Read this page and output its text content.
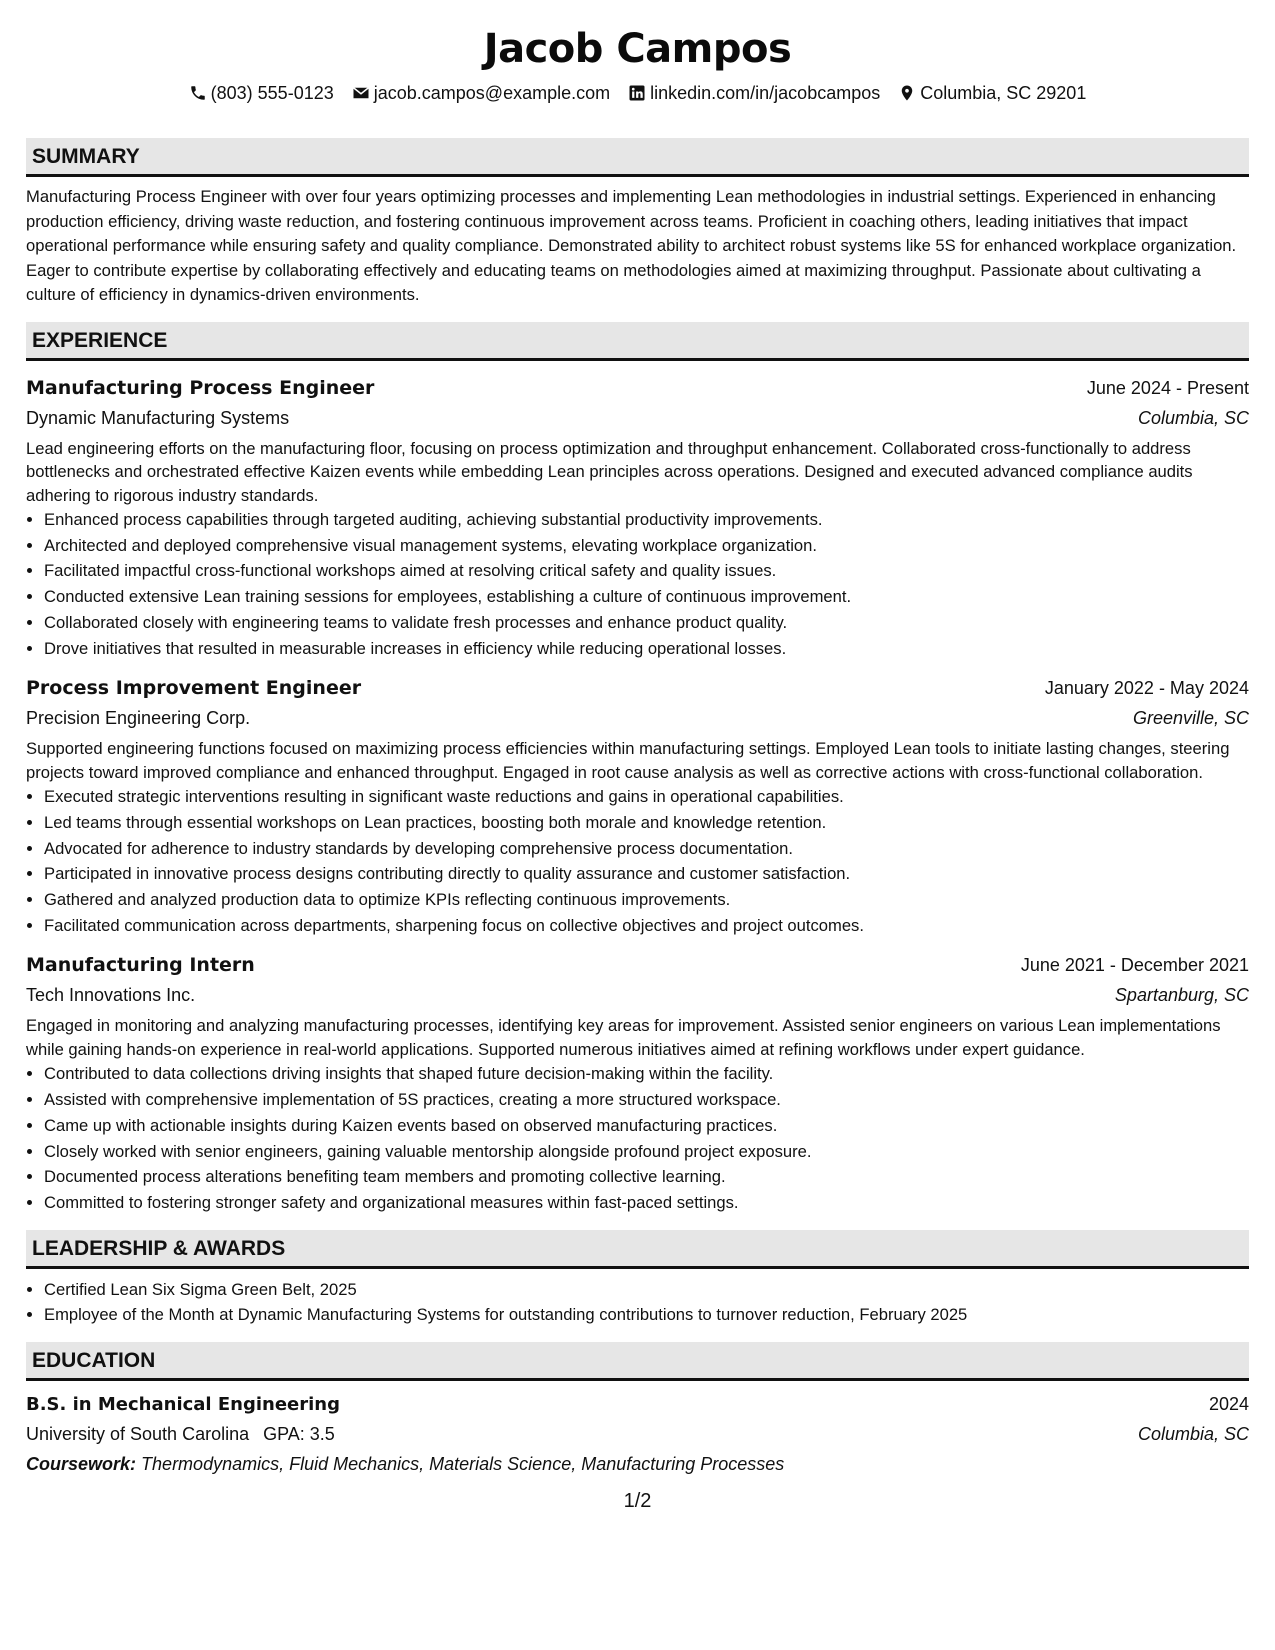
Jacob Campos
(803) 555-0123 jacob.campos@example.com linkedin.com/in/jacobcampos Columbia, SC 29201
SUMMARY
Manufacturing Process Engineer with over four years optimizing processes and implementing Lean methodologies in industrial settings. Experienced in enhancing production efficiency, driving waste reduction, and fostering continuous improvement across teams. Proficient in coaching others, leading initiatives that impact operational performance while ensuring safety and quality compliance. Demonstrated ability to architect robust systems like 5S for enhanced workplace organization. Eager to contribute expertise by collaborating effectively and educating teams on methodologies aimed at maximizing throughput. Passionate about cultivating a culture of efficiency in dynamics-driven environments.
EXPERIENCE
Manufacturing Process Engineer	June 2024 - Present
Dynamic Manufacturing Systems	Columbia, SC
Lead engineering efforts on the manufacturing floor, focusing on process optimization and throughput enhancement. Collaborated cross-functionally to address bottlenecks and orchestrated effective Kaizen events while embedding Lean principles across operations. Designed and executed advanced compliance audits adhering to rigorous industry standards.
• Enhanced process capabilities through targeted auditing, achieving substantial productivity improvements.
• Architected and deployed comprehensive visual management systems, elevating workplace organization.
• Facilitated impactful cross-functional workshops aimed at resolving critical safety and quality issues.
• Conducted extensive Lean training sessions for employees, establishing a culture of continuous improvement.
• Collaborated closely with engineering teams to validate fresh processes and enhance product quality.
• Drove initiatives that resulted in measurable increases in efficiency while reducing operational losses.
Process Improvement Engineer	January 2022 - May 2024
Precision Engineering Corp.	Greenville, SC
Supported engineering functions focused on maximizing process efficiencies within manufacturing settings. Employed Lean tools to initiate lasting changes, steering projects toward improved compliance and enhanced throughput. Engaged in root cause analysis as well as corrective actions with cross-functional collaboration.
• Executed strategic interventions resulting in significant waste reductions and gains in operational capabilities.
• Led teams through essential workshops on Lean practices, boosting both morale and knowledge retention.
• Advocated for adherence to industry standards by developing comprehensive process documentation.
• Participated in innovative process designs contributing directly to quality assurance and customer satisfaction.
• Gathered and analyzed production data to optimize KPIs reflecting continuous improvements.
• Facilitated communication across departments, sharpening focus on collective objectives and project outcomes.
Manufacturing Intern	June 2021 - December 2021
Tech Innovations Inc.	Spartanburg, SC
Engaged in monitoring and analyzing manufacturing processes, identifying key areas for improvement. Assisted senior engineers on various Lean implementations while gaining hands-on experience in real-world applications. Supported numerous initiatives aimed at refining workflows under expert guidance.
• Contributed to data collections driving insights that shaped future decision-making within the facility.
• Assisted with comprehensive implementation of 5S practices, creating a more structured workspace.
• Came up with actionable insights during Kaizen events based on observed manufacturing practices.
• Closely worked with senior engineers, gaining valuable mentorship alongside profound project exposure.
• Documented process alterations benefiting team members and promoting collective learning.
• Committed to fostering stronger safety and organizational measures within fast-paced settings.
LEADERSHIP & AWARDS
• Certified Lean Six Sigma Green Belt, 2025
• Employee of the Month at Dynamic Manufacturing Systems for outstanding contributions to turnover reduction, February 2025
EDUCATION
B.S. in Mechanical Engineering	2024
University of South Carolina GPA: 3.5	Columbia, SC
Coursework: Thermodynamics, Fluid Mechanics, Materials Science, Manufacturing Processes
1/2
